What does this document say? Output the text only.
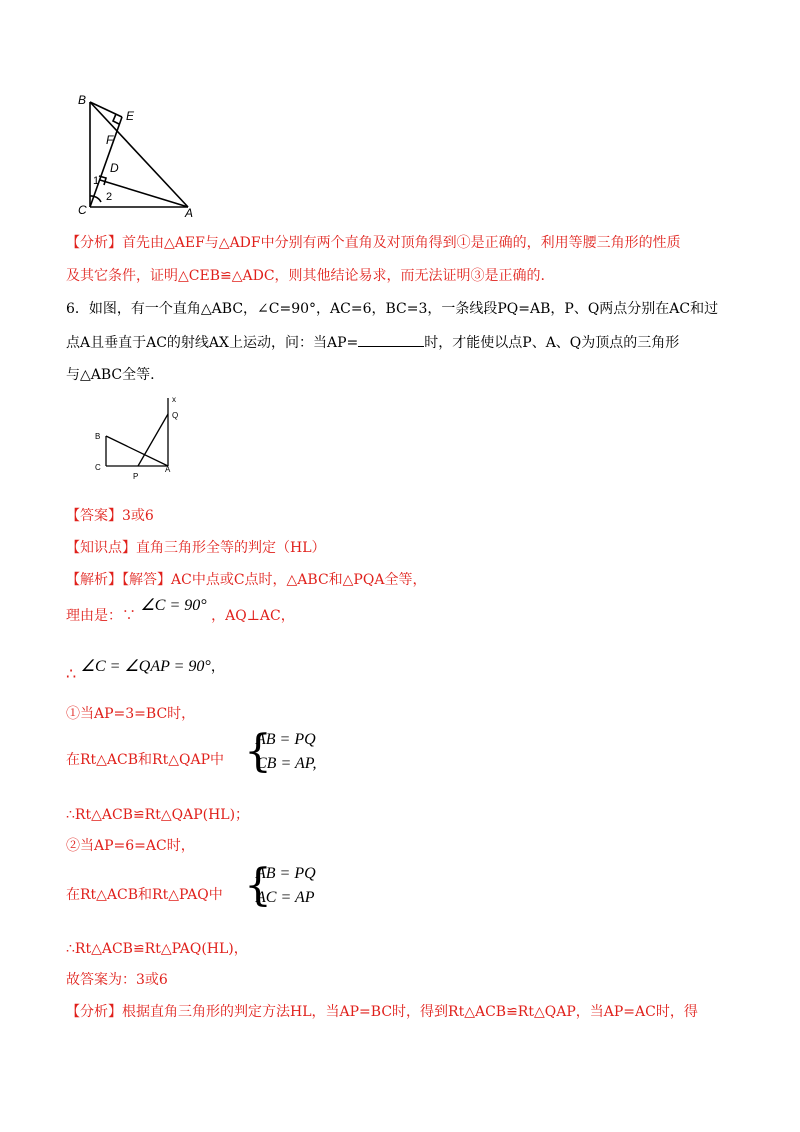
B
E
F
D
1
2
C	A
【分析】首先由△AEF与△ADF中分别有两个直角及对顶角得到①是正确的，利用等腰三角形的性质
及其它条件，证明△CEB≌△ADC，则其他结论易求，而无法证明③是正确的.
6．如图，有一个直角△ABC，∠C=90°，AC=6，BC=3，一条线段PQ=AB，P、Q两点分别在AC和过
点A且垂直于AC的射线AX上运动，问：当AP=	时，才能使以点P、A、Q为顶点的三角形
与△ABC全等.
x
Q
B
C
P
A
【答案】3或6
【知识点】直角三角形全等的判定（HL）
【解析】【解答】AC中点或C点时，△ABC和△PQA全等，
理由是：∵ ∠C = 90° ，AQ⊥AC，
∴ ∠C = ∠QAP = 90°，
①当AP=3=BC时，
在Rt△ACB和Rt△QAP中 {
AB = PQ
CB = AP,
∴Rt△ACB≌Rt△QAP(HL)；
②当AP=6=AC时，
在Rt△ACB和Rt△PAQ中 {
AB = PQ
AC = AP
∴Rt△ACB≌Rt△PAQ(HL)，
故答案为：3或6
【分析】根据直角三角形的判定方法HL，当AP=BC时，得到Rt△ACB≌Rt△QAP，当AP=AC时，得
